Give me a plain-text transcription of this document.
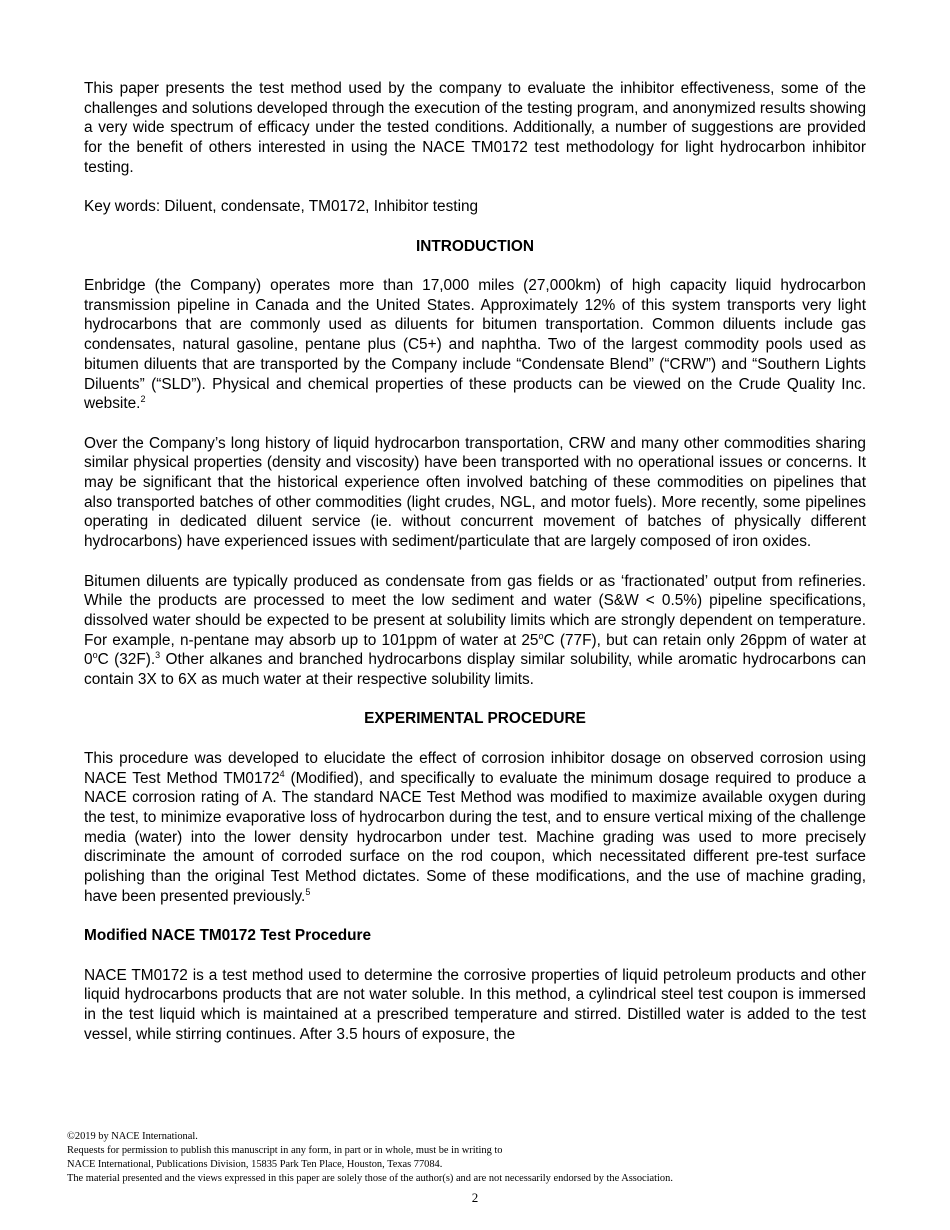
This paper presents the test method used by the company to evaluate the inhibitor effectiveness, some of the challenges and solutions developed through the execution of the testing program, and anonymized results showing a very wide spectrum of efficacy under the tested conditions. Additionally, a number of suggestions are provided for the benefit of others interested in using the NACE TM0172 test methodology for light hydrocarbon inhibitor testing.

Key words: Diluent, condensate, TM0172, Inhibitor testing

INTRODUCTION

Enbridge (the Company) operates more than 17,000 miles (27,000km) of high capacity liquid hydrocarbon transmission pipeline in Canada and the United States. Approximately 12% of this system transports very light hydrocarbons that are commonly used as diluents for bitumen transportation. Common diluents include gas condensates, natural gasoline, pentane plus (C5+) and naphtha. Two of the largest commodity pools used as bitumen diluents that are transported by the Company include “Condensate Blend” (“CRW”) and “Southern Lights Diluents” (“SLD”). Physical and chemical properties of these products can be viewed on the Crude Quality Inc. website.$^2$

Over the Company’s long history of liquid hydrocarbon transportation, CRW and many other commodities sharing similar physical properties (density and viscosity) have been transported with no operational issues or concerns. It may be significant that the historical experience often involved batching of these commodities on pipelines that also transported batches of other commodities (light crudes, NGL, and motor fuels). More recently, some pipelines operating in dedicated diluent service (ie. without concurrent movement of batches of physically different hydrocarbons) have experienced issues with sediment/particulate that are largely composed of iron oxides.

Bitumen diluents are typically produced as condensate from gas fields or as ‘fractionated’ output from refineries. While the products are processed to meet the low sediment and water (S&W < 0.5%) pipeline specifications, dissolved water should be expected to be present at solubility limits which are strongly dependent on temperature. For example, n-pentane may absorb up to 101ppm of water at 25$^o$C (77F), but can retain only 26ppm of water at 0$^o$C (32F).$^3$ Other alkanes and branched hydrocarbons display similar solubility, while aromatic hydrocarbons can contain 3X to 6X as much water at their respective solubility limits.

EXPERIMENTAL PROCEDURE

This procedure was developed to elucidate the effect of corrosion inhibitor dosage on observed corrosion using NACE Test Method TM0172$^4$ (Modified), and specifically to evaluate the minimum dosage required to produce a NACE corrosion rating of A. The standard NACE Test Method was modified to maximize available oxygen during the test, to minimize evaporative loss of hydrocarbon during the test, and to ensure vertical mixing of the challenge media (water) into the lower density hydrocarbon under test. Machine grading was used to more precisely discriminate the amount of corroded surface on the rod coupon, which necessitated different pre-test surface polishing than the original Test Method dictates. Some of these modifications, and the use of machine grading, have been presented previously.$^5$

Modified NACE TM0172 Test Procedure

NACE TM0172 is a test method used to determine the corrosive properties of liquid petroleum products and other liquid hydrocarbons products that are not water soluble. In this method, a cylindrical steel test coupon is immersed in the test liquid which is maintained at a prescribed temperature and stirred. Distilled water is added to the test vessel, while stirring continues. After 3.5 hours of exposure, the

©2019 by NACE International.
Requests for permission to publish this manuscript in any form, in part or in whole, must be in writing to
NACE International, Publications Division, 15835 Park Ten Place, Houston, Texas 77084.
The material presented and the views expressed in this paper are solely those of the author(s) and are not necessarily endorsed by the Association.
2
